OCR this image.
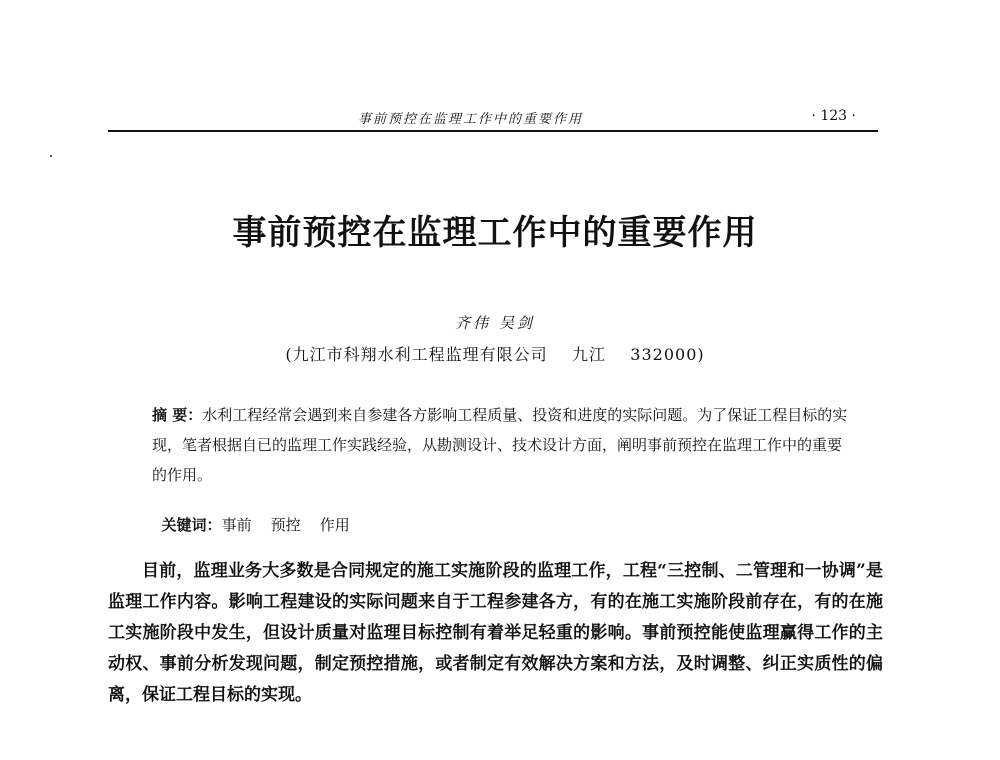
事前预控在监理工作中的重要作用	· 123 ·
事前预控在监理工作中的重要作用
齐伟 吴剑
(九江市科翔水利工程监理有限公司    九江    332000)
摘 要：水利工程经常会遇到来自参建各方影响工程质量、投资和进度的实际问题。为了保证工程目标的实现，笔者根据自已的监理工作实践经验，从勘测设计、技术设计方面，阐明事前预控在监理工作中的重要的作用。

关键词：事前    预控    作用

目前，监理业务大多数是合同规定的施工实施阶段的监理工作，工程“三控制、二管理和一协调”是监理工作内容。影响工程建设的实际问题来自于工程参建各方，有的在施工实施阶段前存在，有的在施工实施阶段中发生，但设计质量对监理目标控制有着举足轻重的影响。事前预控能使监理赢得工作的主动权、事前分析发现问题，制定预控措施，或者制定有效解决方案和方法，及时调整、纠正实质性的偏离，保证工程目标的实现。
